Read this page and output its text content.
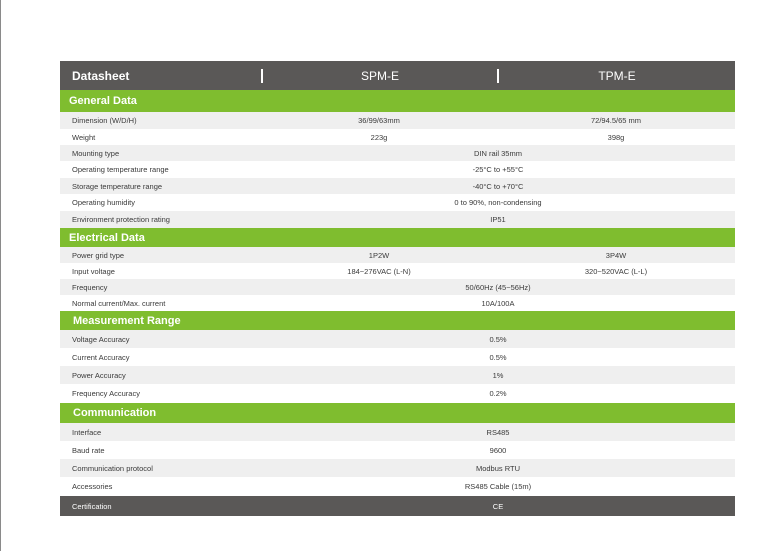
Datasheet	SPM-E	TPM-E
General Data
Dimension (W/D/H)	36/99/63mm	72/94.5/65 mm
Weight	223g	398g
Mounting type	DIN rail 35mm
Operating temperature range	-25°C to +55°C
Storage temperature range	-40°C to +70°C
Operating humidity	0 to 90%, non-condensing
Environment protection rating	IP51
Electrical Data
Power grid type	1P2W	3P4W
Input voltage	184~276VAC (L-N)	320~520VAC (L-L)
Frequency	50/60Hz (45~56Hz)
Normal current/Max. current	10A/100A
Measurement Range
Voltage Accuracy	0.5%
Current Accuracy	0.5%
Power Accuracy	1%
Frequency Accuracy	0.2%
Communication
Interface	RS485
Baud rate	9600
Communication protocol	Modbus RTU
Accessories	RS485 Cable (15m)
Certification	CE
